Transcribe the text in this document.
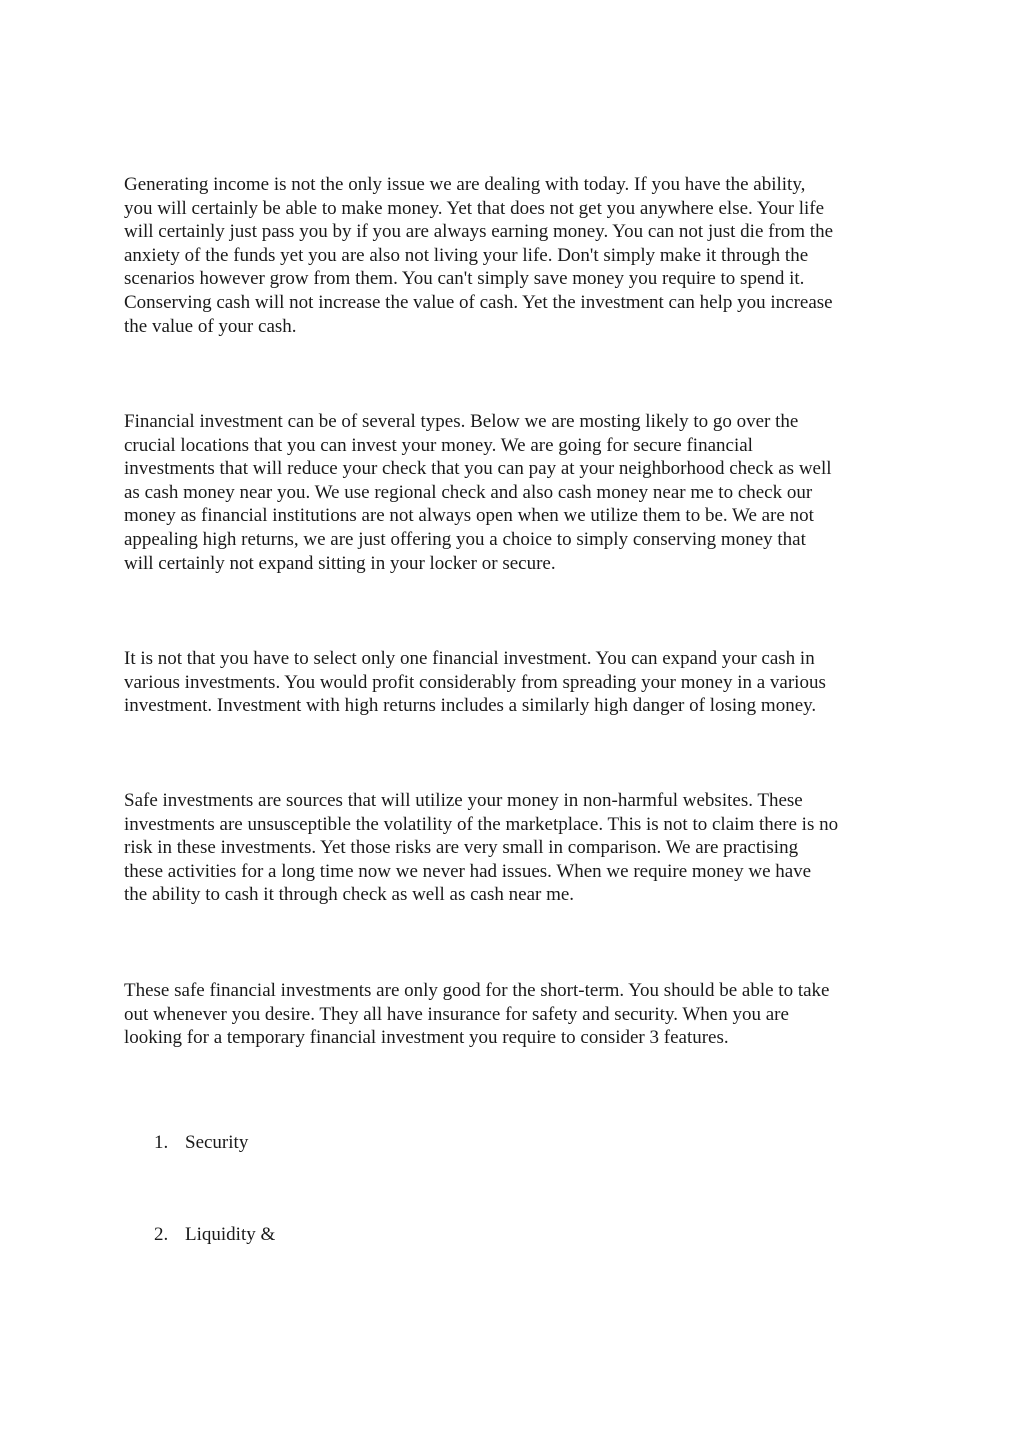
Generating income is not the only issue we are dealing with today. If you have the ability,
you will certainly be able to make money. Yet that does not get you anywhere else. Your life
will certainly just pass you by if you are always earning money. You can not just die from the
anxiety of the funds yet you are also not living your life. Don't simply make it through the
scenarios however grow from them. You can't simply save money you require to spend it.
Conserving cash will not increase the value of cash. Yet the investment can help you increase
the value of your cash.
Financial investment can be of several types. Below we are mosting likely to go over the
crucial locations that you can invest your money. We are going for secure financial
investments that will reduce your check that you can pay at your neighborhood check as well
as cash money near you. We use regional check and also cash money near me to check our
money as financial institutions are not always open when we utilize them to be. We are not
appealing high returns, we are just offering you a choice to simply conserving money that
will certainly not expand sitting in your locker or secure.
It is not that you have to select only one financial investment. You can expand your cash in
various investments. You would profit considerably from spreading your money in a various
investment. Investment with high returns includes a similarly high danger of losing money.
Safe investments are sources that will utilize your money in non-harmful websites. These
investments are unsusceptible the volatility of the marketplace. This is not to claim there is no
risk in these investments. Yet those risks are very small in comparison. We are practising
these activities for a long time now we never had issues. When we require money we have
the ability to cash it through check as well as cash near me.
These safe financial investments are only good for the short-term. You should be able to take
out whenever you desire. They all have insurance for safety and security. When you are
looking for a temporary financial investment you require to consider 3 features.
1. Security
2. Liquidity &
